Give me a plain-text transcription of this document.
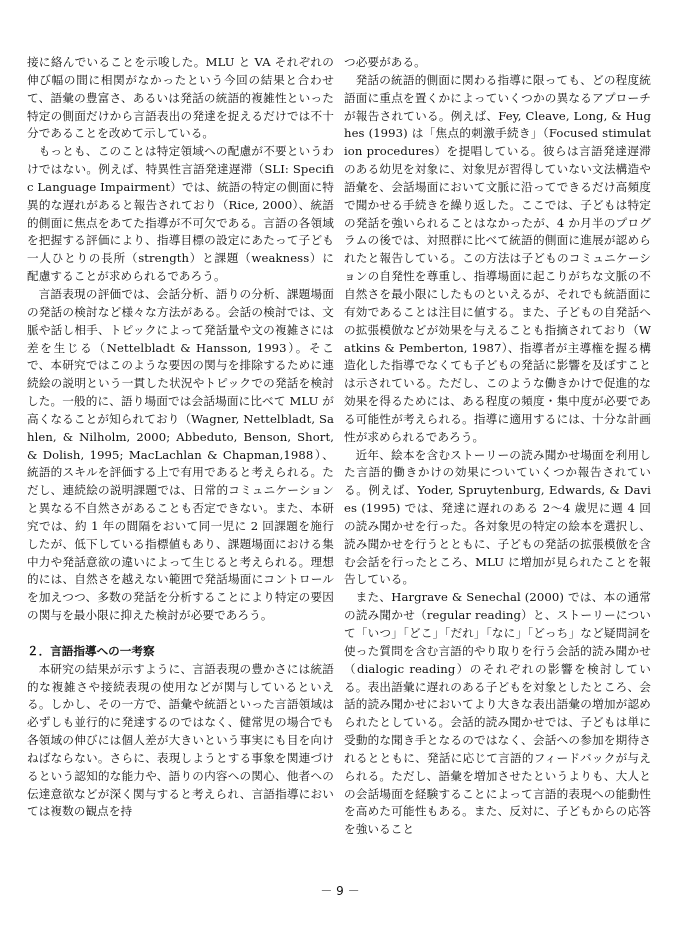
接に絡んでいることを示唆した。MLU と VA それぞれの伸び幅の間に相関がなかったという今回の結果と合わせて、語彙の豊富さ、あるいは発話の統語的複雑性といった特定の側面だけから言語表出の発達を捉えるだけでは不十分であることを改めて示している。

もっとも、このことは特定領域への配慮が不要というわけではない。例えば、特異性言語発達遅滞（SLI: Specific Language Impairment）では、統語の特定の側面に特異的な遅れがあると報告されており（Rice, 2000）、統語的側面に焦点をあてた指導が不可欠である。言語の各領域を把握する評価により、指導目標の設定にあたって子ども一人ひとりの長所（strength）と課題（weakness）に配慮することが求められるであろう。

言語表現の評価では、会話分析、語りの分析、課題場面の発話の検討など様々な方法がある。会話の検討では、文脈や話し相手、トピックによって発話量や文の複雑さには差を生じる（Nettelbladt & Hansson, 1993）。そこで、本研究ではこのような要因の関与を排除するために連続絵の説明という一貫した状況やトピックでの発話を検討した。一般的に、語り場面では会話場面に比べて MLU が高くなることが知られており（Wagner, Nettelbladt, Sahlen, & Nilholm, 2000; Abbeduto, Benson, Short, & Dolish, 1995; MacLachlan & Chapman,1988）、統語的スキルを評価する上で有用であると考えられる。ただし、連続絵の説明課題では、日常的コミュニケーションと異なる不自然さがあることも否定できない。また、本研究では、約 1 年の間隔をおいて同一児に 2 回課題を施行したが、低下している指標値もあり、課題場面における集中力や発話意欲の違いによって生じると考えられる。理想的には、自然さを越えない範囲で発話場面にコントロールを加えつつ、多数の発話を分析することにより特定の要因の関与を最小限に抑えた検討が必要であろう。

２．言語指導への一考察

本研究の結果が示すように、言語表現の豊かさには統語的な複雑さや接続表現の使用などが関与しているといえる。しかし、その一方で、語彙や統語といった言語領域は必ずしも並行的に発達するのではなく、健常児の場合でも各領域の伸びには個人差が大きいという事実にも目を向けねばならない。さらに、表現しようとする事象を関連づけるという認知的な能力や、語りの内容への関心、他者への伝達意欲などが深く関与すると考えられ、言語指導においては複数の観点を持

つ必要がある。

発話の統語的側面に関わる指導に限っても、どの程度統語面に重点を置くかによっていくつかの異なるアプローチが報告されている。例えば、Fey, Cleave, Long, & Hughes (1993) は「焦点的刺激手続き」（Focused stimulation procedures）を提唱している。彼らは言語発達遅滞のある幼児を対象に、対象児が習得していない文法構造や語彙を、会話場面において文脈に沿ってできるだけ高頻度で聞かせる手続きを繰り返した。ここでは、子どもは特定の発話を強いられることはなかったが、4 か月半のプログラムの後では、対照群に比べて統語的側面に進展が認められたと報告している。この方法は子どものコミュニケーションの自発性を尊重し、指導場面に起こりがちな文脈の不自然さを最小限にしたものといえるが、それでも統語面に有効であることは注目に値する。また、子どもの自発話への拡張模倣などが効果を与えることも指摘されており（Watkins & Pemberton, 1987）、指導者が主導権を握る構造化した指導でなくても子どもの発話に影響を及ぼすことは示されている。ただし、このような働きかけで促進的な効果を得るためには、ある程度の頻度・集中度が必要である可能性が考えられる。指導に適用するには、十分な計画性が求められるであろう。

近年、絵本を含むストーリーの読み聞かせ場面を利用した言語的働きかけの効果についていくつか報告されている。例えば、Yoder, Spruytenburg, Edwards, & Davies (1995) では、発達に遅れのある 2～4 歳児に週 4 回の読み聞かせを行った。各対象児の特定の絵本を選択し、読み聞かせを行うとともに、子どもの発話の拡張模倣を含む会話を行ったところ、MLU に増加が見られたことを報告している。

また、Hargrave & Senechal (2000) では、本の通常の読み聞かせ（regular reading）と、ストーリーについて「いつ」「どこ」「だれ」「なに」「どっち」など疑問詞を使った質問を含む言語的やり取りを行う会話的読み聞かせ（dialogic reading）のそれぞれの影響を検討している。表出語彙に遅れのある子どもを対象としたところ、会話的読み聞かせにおいてより大きな表出語彙の増加が認められたとしている。会話的読み聞かせでは、子どもは単に受動的な聞き手となるのではなく、会話への参加を期待されるとともに、発話に応じて言語的フィードバックが与えられる。ただし、語彙を増加させたというよりも、大人との会話場面を経験することによって言語的表現への能動性を高めた可能性もある。また、反対に、子どもからの応答を強いること

－ 9 －
